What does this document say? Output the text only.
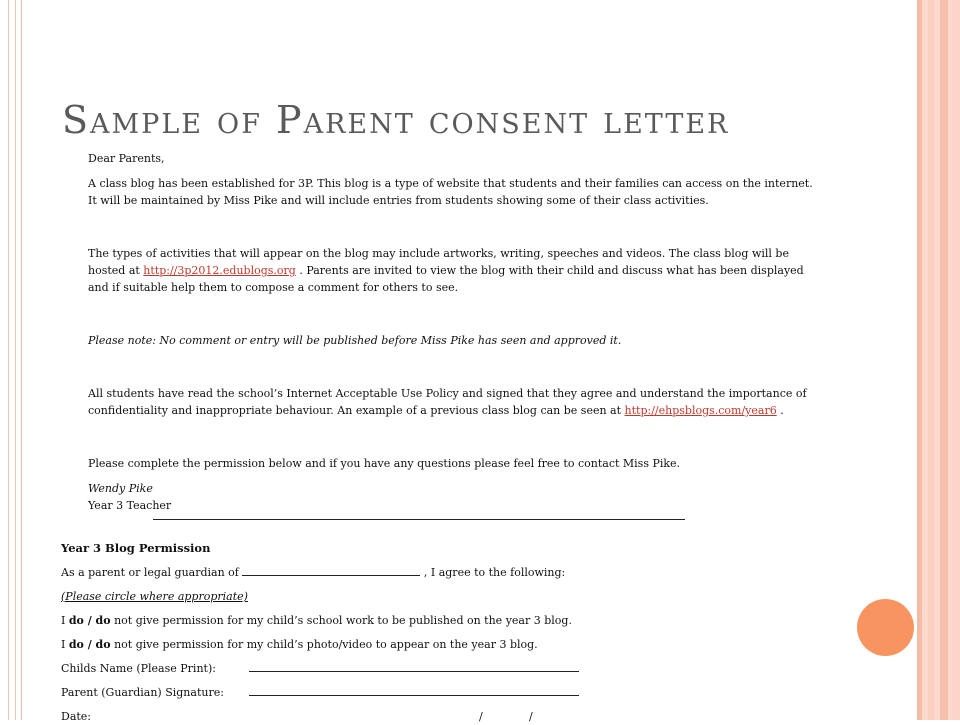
Sample of Parent consent letter

Dear Parents,

A class blog has been established for 3P. This blog is a type of website that students and their families can access on the internet. It will be maintained by Miss Pike and will include entries from students showing some of their class activities.

The types of activities that will appear on the blog may include artworks, writing, speeches and videos. The class blog will be hosted at http://3p2012.edublogs.org . Parents are invited to view the blog with their child and discuss what has been displayed and if suitable help them to compose a comment for others to see.

Please note: No comment or entry will be published before Miss Pike has seen and approved it.

All students have read the school’s Internet Acceptable Use Policy and signed that they agree and understand the importance of confidentiality and inappropriate behaviour. An example of a previous class blog can be seen at http://ehpsblogs.com/year6 .

Please complete the permission below and if you have any questions please feel free to contact Miss Pike.

Wendy Pike

Year 3 Teacher

Year 3 Blog Permission

As a parent or legal guardian of	, I agree to the following:

(Please circle where appropriate)

I do / do not give permission for my child’s school work to be published on the year 3 blog.

I do / do not give permission for my child’s photo/video to appear on the year 3 blog.

Childs Name (Please Print):

Parent (Guardian) Signature:

Date:	/	/
